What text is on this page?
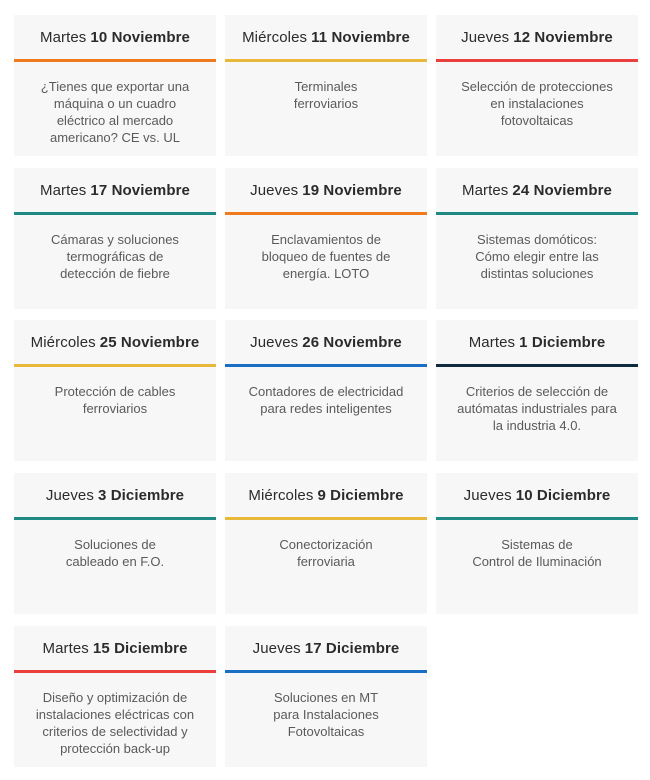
Martes 10 Noviembre
¿Tienes que exportar una
máquina o un cuadro
eléctrico al mercado
americano? CE vs. UL
Miércoles 11 Noviembre
Terminales
ferroviarios
Jueves 12 Noviembre
Selección de protecciones
en instalaciones
fotovoltaicas
Martes 17 Noviembre
Cámaras y soluciones
termográficas de
detección de fiebre
Jueves 19 Noviembre
Enclavamientos de
bloqueo de fuentes de
energía. LOTO
Martes 24 Noviembre
Sistemas domóticos:
Cómo elegir entre las
distintas soluciones
Miércoles 25 Noviembre
Protección de cables
ferroviarios
Jueves 26 Noviembre
Contadores de electricidad
para redes inteligentes
Martes 1 Diciembre
Criterios de selección de
autómatas industriales para
la industria 4.0.
Jueves 3 Diciembre
Soluciones de
cableado en F.O.
Miércoles 9 Diciembre
Conectorización
ferroviaria
Jueves 10 Diciembre
Sistemas de
Control de Iluminación
Martes 15 Diciembre
Diseño y optimización de
instalaciones eléctricas con
criterios de selectividad y
protección back-up
Jueves 17 Diciembre
Soluciones en MT
para Instalaciones
Fotovoltaicas
